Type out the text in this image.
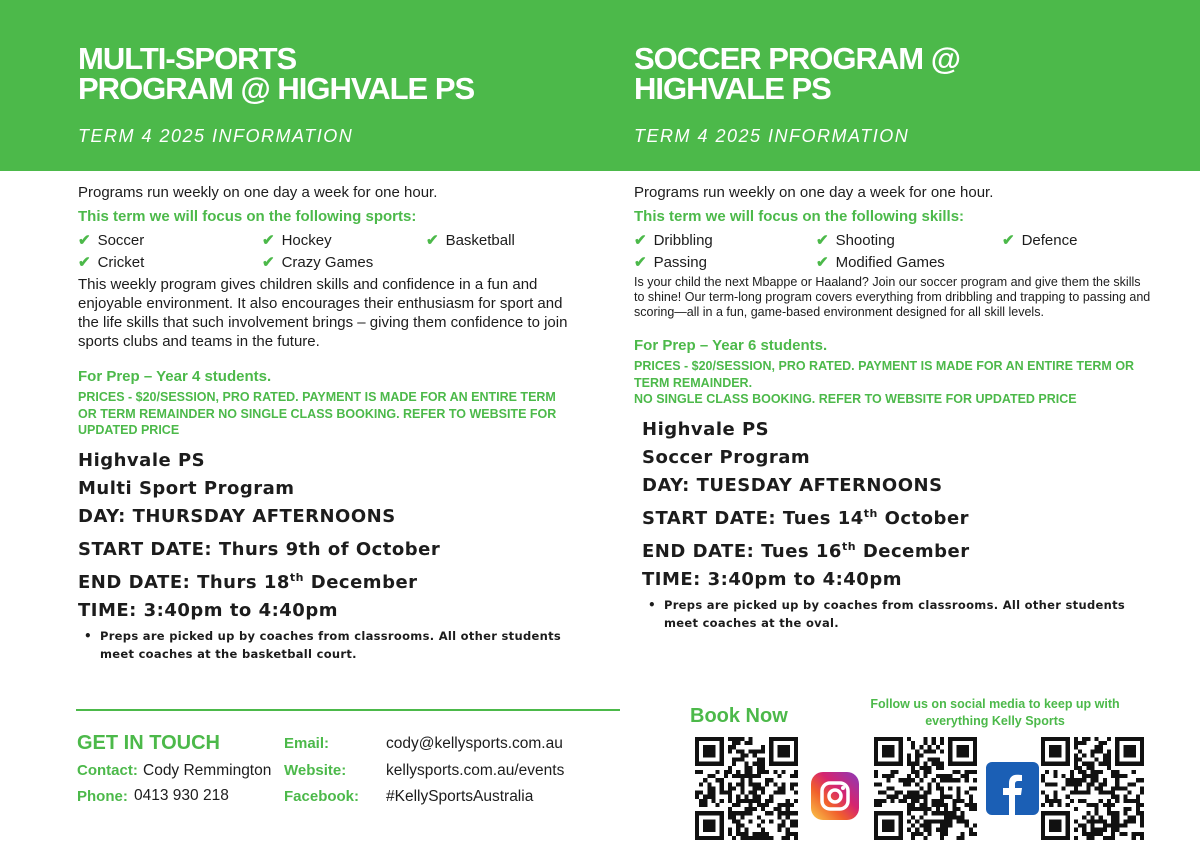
MULTI-SPORTS
PROGRAM @ HIGHVALE PS
TERM 4 2025 INFORMATION
SOCCER PROGRAM @
HIGHVALE PS
TERM 4 2025 INFORMATION

Programs run weekly on one day a week for one hour.

This term we will focus on the following sports:

✔ Soccer	✔ Hockey	✔ Basketball
✔ Cricket	✔ Crazy Games

This weekly program gives children skills and confidence in a fun and enjoyable environment. It also encourages their enthusiasm for sport and the life skills that such involvement brings – giving them confidence to join sports clubs and teams in the future.

For Prep – Year 4 students.

PRICES - $20/SESSION, PRO RATED. PAYMENT IS MADE FOR AN ENTIRE TERM OR TERM REMAINDER NO SINGLE CLASS BOOKING. REFER TO WEBSITE FOR UPDATED PRICE
Highvale PS
Multi Sport Program
DAY: THURSDAY AFTERNOONS
START DATE: Thurs 9th of October
END DATE: Thurs 18th December
TIME: 3:40pm to 4:40pm
• Preps are picked up by coaches from classrooms. All other students meet coaches at the basketball court.

Programs run weekly on one day a week for one hour.

This term we will focus on the following skills:

✔ Dribbling	✔ Shooting	✔ Defence
✔ Passing	✔ Modified Games

Is your child the next Mbappe or Haaland? Join our soccer program and give them the skills to shine! Our term-long program covers everything from dribbling and trapping to passing and scoring—all in a fun, game-based environment designed for all skill levels.

For Prep – Year 6 students.

PRICES - $20/SESSION, PRO RATED. PAYMENT IS MADE FOR AN ENTIRE TERM OR TERM REMAINDER.
NO SINGLE CLASS BOOKING. REFER TO WEBSITE FOR UPDATED PRICE
Highvale PS
Soccer Program
DAY: TUESDAY AFTERNOONS
START DATE: Tues 14th October
END DATE: Tues 16th December
TIME: 3:40pm to 4:40pm
• Preps are picked up by coaches from classrooms. All other students meet coaches at the oval.
GET IN TOUCH
Contact: Cody Remmington
Phone: 0413 930 218
Email:	cody@kellysports.com.au
Website:	kellysports.com.au/events
Facebook: #KellySportsAustralia
Book Now
Follow us on social media to keep up with everything Kelly Sports
